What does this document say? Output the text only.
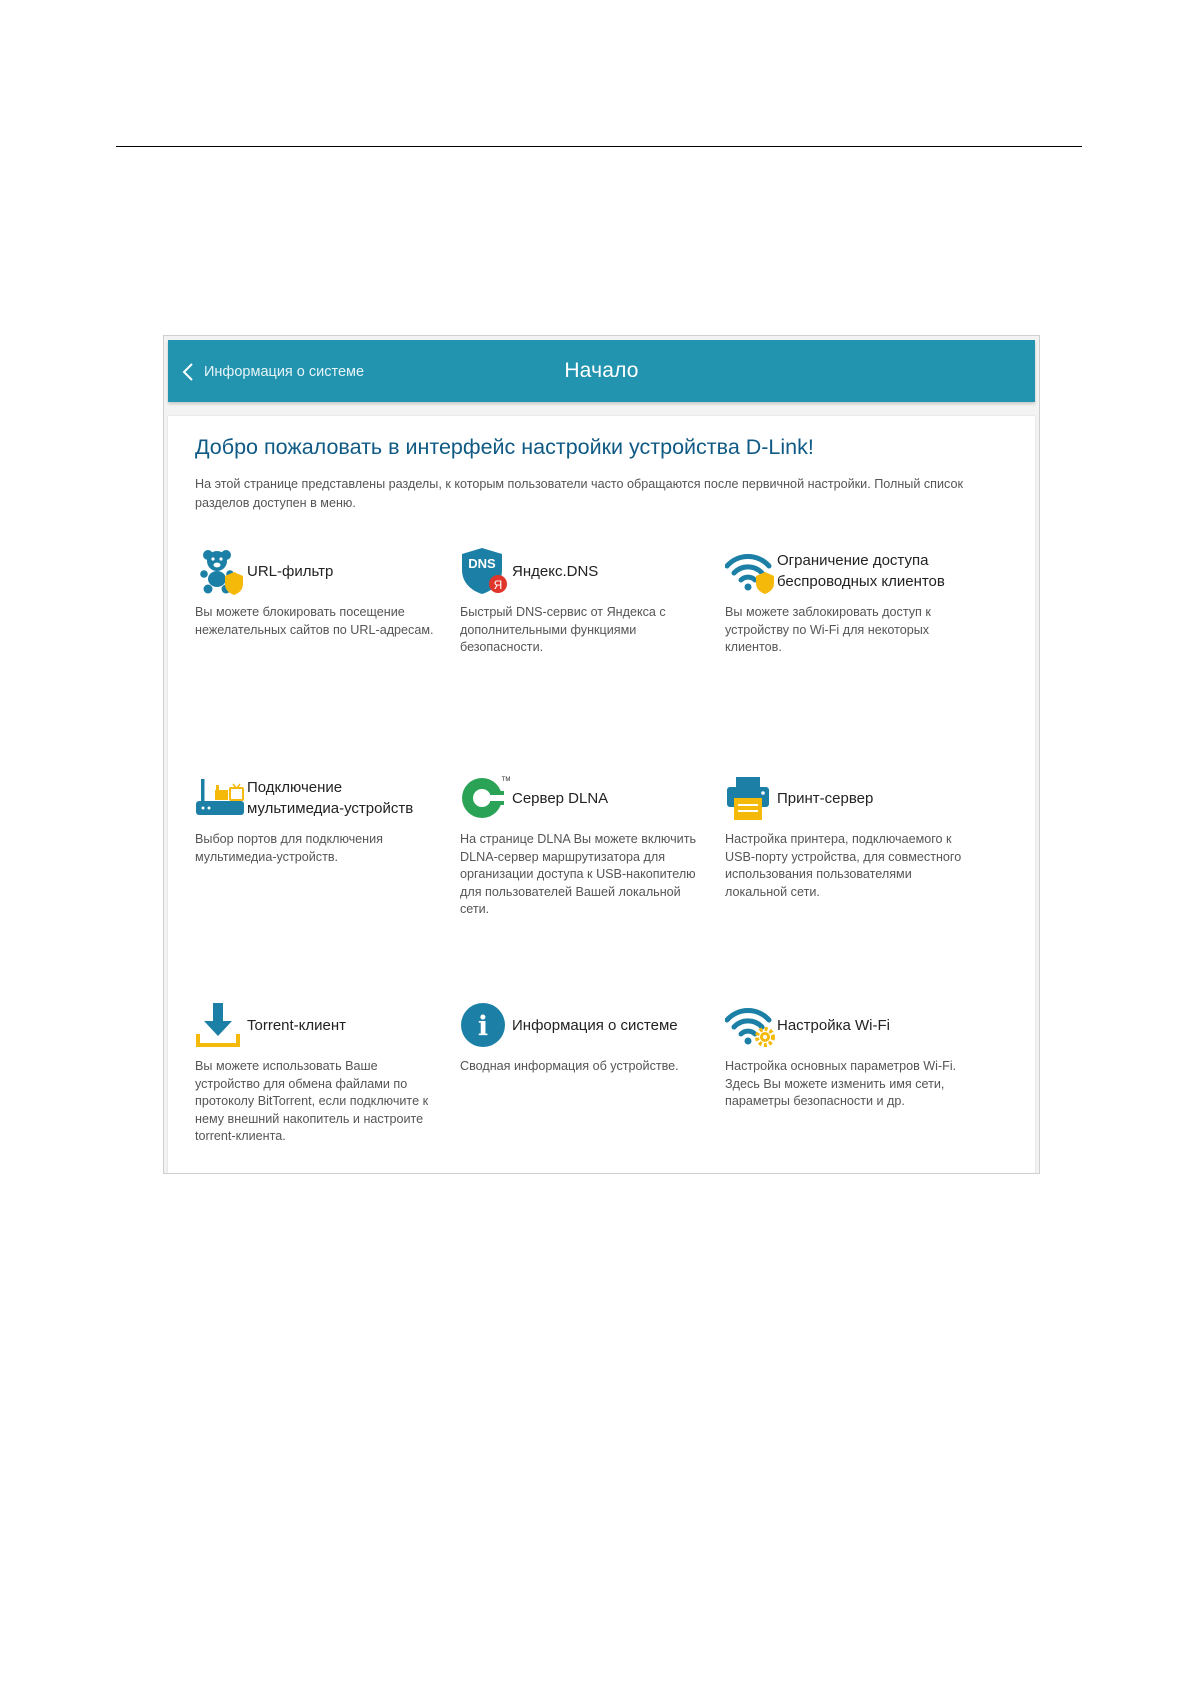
Информация о системе	Начало
Добро пожаловать в интерфейс настройки устройства D-Link!
На этой странице представлены разделы, к которым пользователи часто обращаются после первичной настройки. Полный список разделов доступен в меню.
URL-фильтр
Вы можете блокировать посещение нежелательных сайтов по URL-адресам.
DNS
Я
Яндекс.DNS
Быстрый DNS-сервис от Яндекса с дополнительными функциями безопасности.
Ограничение доступа беспроводных клиентов
Вы можете заблокировать доступ к устройству по Wi-Fi для некоторых клиентов.
Подключение мультимедиа-устройств
Выбор портов для подключения мультимедиа-устройств.
TM
Сервер DLNA
На странице DLNA Вы можете включить DLNA-сервер маршрутизатора для организации доступа к USB-накопителю для пользователей Вашей локальной сети.
Принт-сервер
Настройка принтера, подключаемого к USB-порту устройства, для совместного использования пользователями локальной сети.
Torrent-клиент
Вы можете использовать Ваше устройство для обмена файлами по протоколу BitTorrent, если подключите к нему внешний накопитель и настроите torrent-клиента.
i Информация о системе
Сводная информация об устройстве.
Настройка Wi-Fi
Настройка основных параметров Wi-Fi. Здесь Вы можете изменить имя сети, параметры безопасности и др.
